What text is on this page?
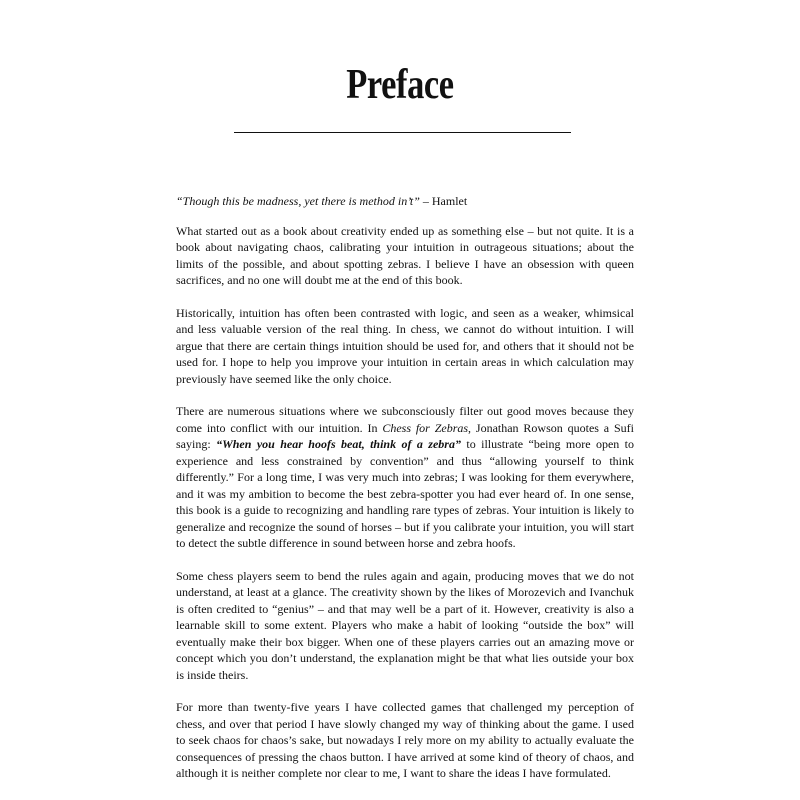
Preface
“Though this be madness, yet there is method in’t” – Hamlet

What started out as a book about creativity ended up as something else – but not quite. It is a book about navigating chaos, calibrating your intuition in outrageous situations; about the limits of the possible, and about spotting zebras. I believe I have an obsession with queen sacrifices, and no one will doubt me at the end of this book.

Historically, intuition has often been contrasted with logic, and seen as a weaker, whimsical and less valuable version of the real thing. In chess, we cannot do without intuition. I will argue that there are certain things intuition should be used for, and others that it should not be used for. I hope to help you improve your intuition in certain areas in which calculation may previously have seemed like the only choice.

There are numerous situations where we subconsciously filter out good moves because they come into conflict with our intuition. In Chess for Zebras, Jonathan Rowson quotes a Sufi saying: “When you hear hoofs beat, think of a zebra” to illustrate “being more open to experience and less constrained by convention” and thus “allowing yourself to think differently.” For a long time, I was very much into zebras; I was looking for them everywhere, and it was my ambition to become the best zebra-spotter you had ever heard of. In one sense, this book is a guide to recognizing and handling rare types of zebras. Your intuition is likely to generalize and recognize the sound of horses – but if you calibrate your intuition, you will start to detect the subtle difference in sound between horse and zebra hoofs.

Some chess players seem to bend the rules again and again, producing moves that we do not understand, at least at a glance. The creativity shown by the likes of Morozevich and Ivanchuk is often credited to “genius” – and that may well be a part of it. However, creativity is also a learnable skill to some extent. Players who make a habit of looking “outside the box” will eventually make their box bigger. When one of these players carries out an amazing move or concept which you don’t understand, the explanation might be that what lies outside your box is inside theirs.

For more than twenty-five years I have collected games that challenged my perception of chess, and over that period I have slowly changed my way of thinking about the game. I used to seek chaos for chaos’s sake, but nowadays I rely more on my ability to actually evaluate the consequences of pressing the chaos button. I have arrived at some kind of theory of chaos, and although it is neither complete nor clear to me, I want to share the ideas I have formulated.
